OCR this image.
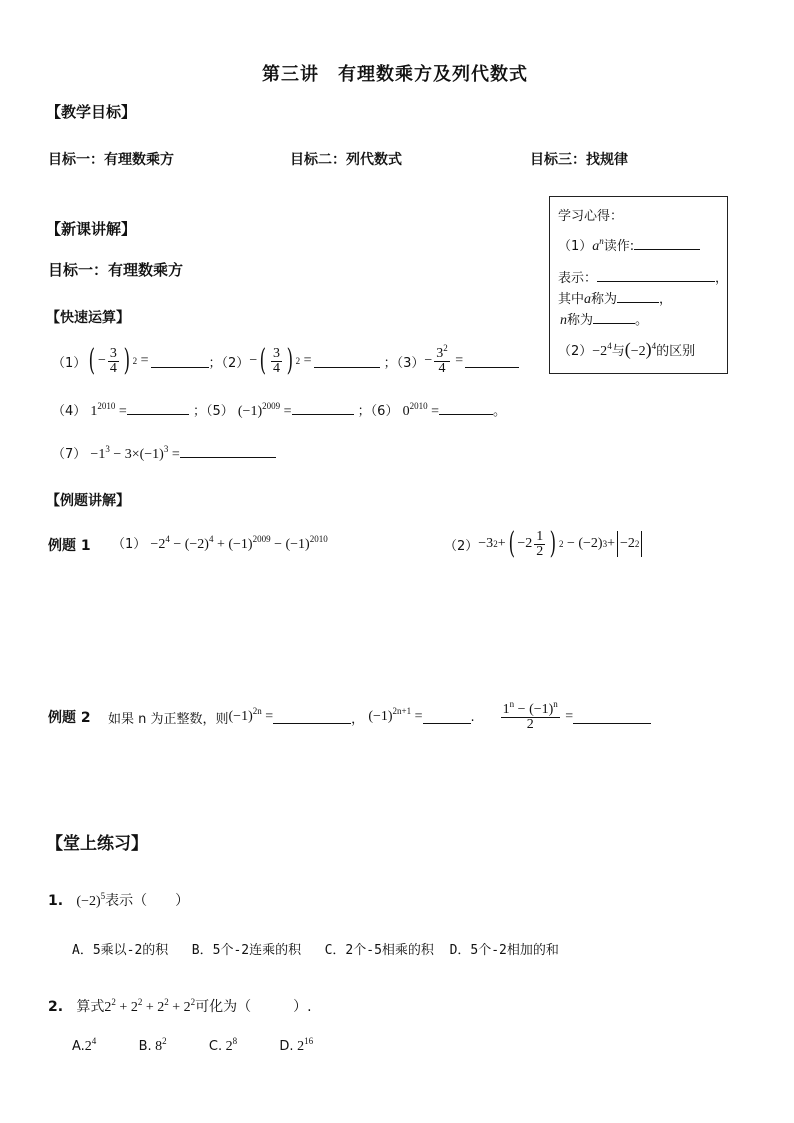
第三讲　有理数乘方及列代数式
【教学目标】
目标一：有理数乘方	目标二：列代数式	目标三：找规律
【新课讲解】
目标一：有理数乘方
【快速运算】
学习心得：
$(1)a^n$读作:
表示：	，
其中a称为	，
n称为	。
$(2)-2^4$与$(-2)^4$的区别
（1） ( − $\frac{3}{4}$ ) 2 =	；（2） − ( $\frac{3}{4}$ ) 2 =	；$(3) - \frac{3^2}{4}$ =
（4） $1^{2010}$ =	；（5） $(-1)^{2009}$ =	；（6） $0^{2010}$ =	。
$(7) -1^3 - 3\times(-1)^3$ =
【例题讲解】
例题 1 $(1) -2^4 - (-2)^4 + (-1)^{2009} - (-1)^{2010}$	（2） −3 2 + ( $-2 \frac{1}{2}$ ) 2 − (−2) 3 + −2 2
例题 2 如果 n 为正整数，则 $(-1)^{2n}$ =	，
$(-1)^{2n+1}$ =	. $\frac{1^n - (-1)^n}{2}$ =
【堂上练习】
1. $(-2)^5$表示（　　）
A．5乘以-2的积 B．5个-2连乘的积 C．2个-5相乘的积 D．5个-2相加的和
2. 算式$2^2 + 2^2 + 2^2 + 2^2$可化为（　　　）.
$A.2^4$	B. $8^2$	C. $2^8$	D. $2^{16}$
